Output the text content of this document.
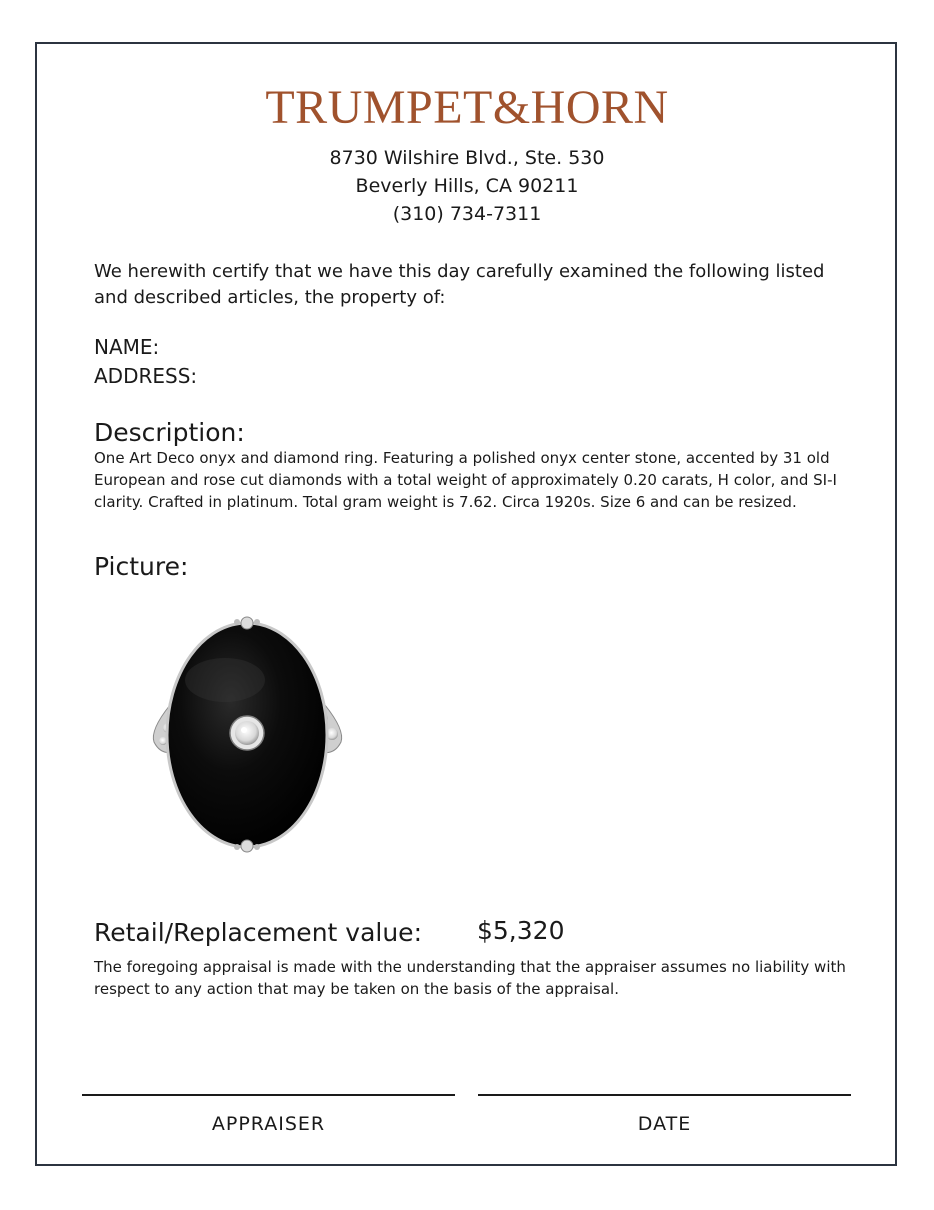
TRUMPET&HORN
8730 Wilshire Blvd., Ste. 530
Beverly Hills, CA 90211
(310) 734-7311
We herewith certify that we have this day carefully examined the following listed and described articles, the property of:
NAME:
ADDRESS:
Description:
One Art Deco onyx and diamond ring. Featuring a polished onyx center stone, accented by 31 old European and rose cut diamonds with a total weight of approximately 0.20 carats, H color, and SI-I clarity. Crafted in platinum. Total gram weight is 7.62. Circa 1920s. Size 6 and can be resized.
Picture:
Retail/Replacement value: $5,320
The foregoing appraisal is made with the understanding that the appraiser assumes no liability with respect to any action that may be taken on the basis of the appraisal.
APPRAISER	DATE
